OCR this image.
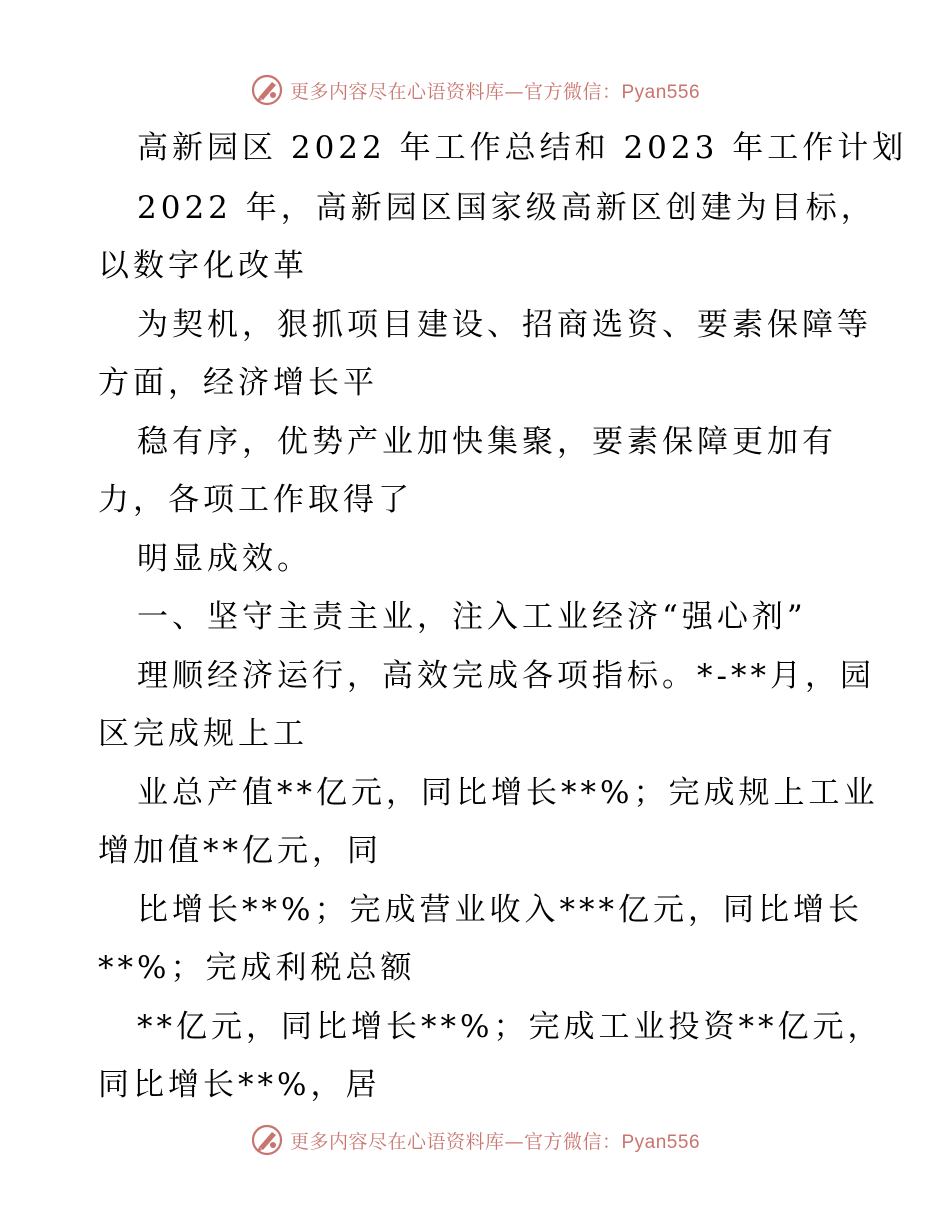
更多内容尽在心语资料库—官方微信：Pyan556
高新园区 2022 年工作总结和 2023 年工作计划
2022 年，高新园区国家级高新区创建为目标，
以数字化改革
为契机，狠抓项目建设、招商选资、要素保障等
方面，经济增长平
稳有序，优势产业加快集聚，要素保障更加有
力，各项工作取得了
明显成效。
一、坚守主责主业，注入工业经济“强心剂”
理顺经济运行，高效完成各项指标。*-**月，园
区完成规上工
业总产值**亿元，同比增长**%；完成规上工业
增加值**亿元，同
比增长**%；完成营业收入***亿元，同比增长
**%；完成利税总额
**亿元，同比增长**%；完成工业投资**亿元，
同比增长**%，居
更多内容尽在心语资料库—官方微信：Pyan556
